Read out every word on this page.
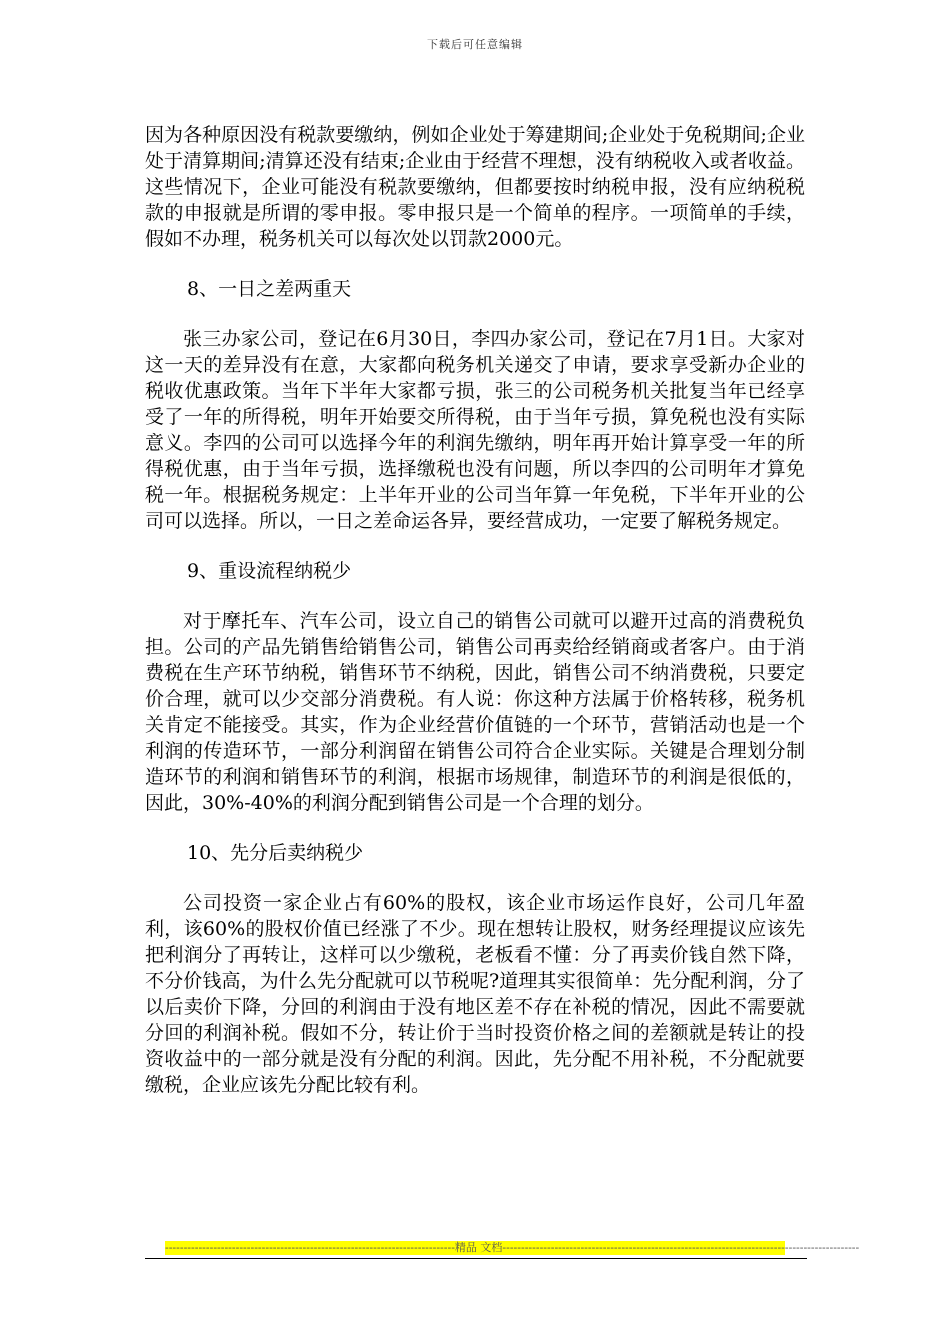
下载后可任意编辑

因为各种原因没有税款要缴纳，例如企业处于筹建期间;企业处于免税期间;企业处于清算期间;清算还没有结束;企业由于经营不理想，没有纳税收入或者收益。这些情况下，企业可能没有税款要缴纳，但都要按时纳税申报，没有应纳税税款的申报就是所谓的零申报。零申报只是一个简单的程序。一项简单的手续，假如不办理，税务机关可以每次处以罚款2000元。

8、一日之差两重天

张三办家公司，登记在6月30日，李四办家公司，登记在7月1日。大家对这一天的差异没有在意，大家都向税务机关递交了申请，要求享受新办企业的税收优惠政策。当年下半年大家都亏损，张三的公司税务机关批复当年已经享受了一年的所得税，明年开始要交所得税，由于当年亏损，算免税也没有实际意义。李四的公司可以选择今年的利润先缴纳，明年再开始计算享受一年的所得税优惠，由于当年亏损，选择缴税也没有问题，所以李四的公司明年才算免税一年。根据税务规定：上半年开业的公司当年算一年免税，下半年开业的公司可以选择。所以，一日之差命运各异，要经营成功，一定要了解税务规定。

9、重设流程纳税少

对于摩托车、汽车公司，设立自己的销售公司就可以避开过高的消费税负担。公司的产品先销售给销售公司，销售公司再卖给经销商或者客户。由于消费税在生产环节纳税，销售环节不纳税，因此，销售公司不纳消费税，只要定价合理，就可以少交部分消费税。有人说：你这种方法属于价格转移，税务机关肯定不能接受。其实，作为企业经营价值链的一个环节，营销活动也是一个利润的传造环节，一部分利润留在销售公司符合企业实际。关键是合理划分制造环节的利润和销售环节的利润，根据市场规律，制造环节的利润是很低的，因此，30%-40%的利润分配到销售公司是一个合理的划分。

10、先分后卖纳税少

公司投资一家企业占有60%的股权，该企业市场运作良好，公司几年盈利，该60%的股权价值已经涨了不少。现在想转让股权，财务经理提议应该先把利润分了再转让，这样可以少缴税，老板看不懂：分了再卖价钱自然下降，不分价钱高，为什么先分配就可以节税呢?道理其实很简单：先分配利润，分了以后卖价下降，分回的利润由于没有地区差不存在补税的情况，因此不需要就分回的利润补税。假如不分，转让价于当时投资价格之间的差额就是转让的投资收益中的一部分就是没有分配的利润。因此，先分配不用补税，不分配就要缴税，企业应该先分配比较有利。

------------------------------------------------------------------------------精品 文档------------------------------------------------------------------------------------------------
